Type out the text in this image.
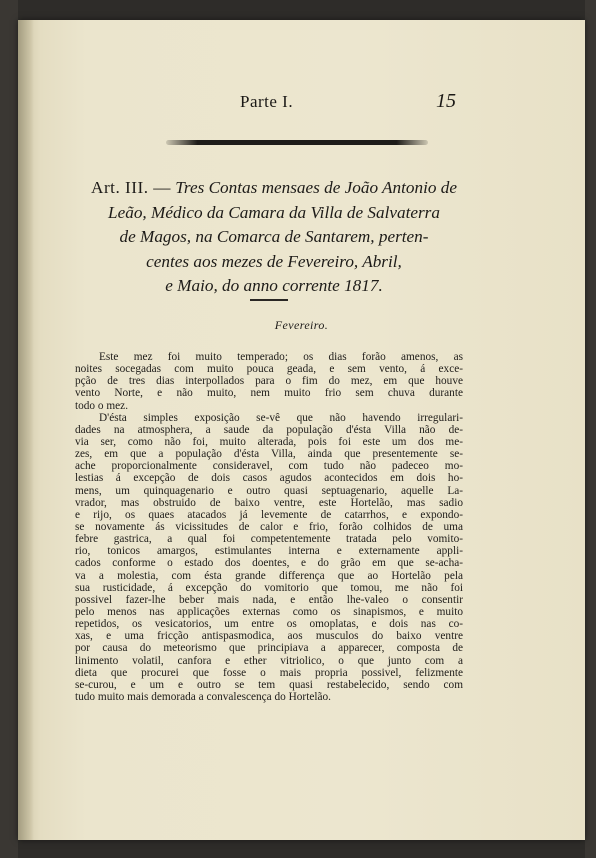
Parte I.	15
Art. III. — Tres Contas mensaes de João Antonio de
Leão, Médico da Camara da Villa de Salvaterra
de Magos, na Comarca de Santarem, perten-
centes aos mezes de Fevereiro, Abril,
e Maio, do anno corrente 1817.
Fevereiro.
Este mez foi muito temperado; os dias forão amenos, as
noites socegadas com muito pouca geada, e sem vento, á exce-
pção de tres dias interpollados para o fim do mez, em que houve
vento Norte, e não muito, nem muito frio sem chuva durante
todo o mez.
D'ésta simples exposição se-vê que não havendo irregulari-
dades na atmosphera, a saude da população d'ésta Villa não de-
via ser, como não foi, muito alterada, pois foi este um dos me-
zes, em que a população d'ésta Villa, ainda que presentemente se-
ache proporcionalmente consideravel, com tudo não padeceo mo-
lestias á excepção de dois casos agudos acontecidos em dois ho-
mens, um quinquagenario e outro quasi septuagenario, aquelle La-
vrador, mas obstruido de baixo ventre, este Hortelão, mas sadio
e rijo, os quaes atacados já levemente de catarrhos, e expondo-
se novamente ás vicissitudes de calor e frio, forão colhidos de uma
febre gastrica, a qual foi competentemente tratada pelo vomito-
rio, tonicos amargos, estimulantes interna e externamente appli-
cados conforme o estado dos doentes, e do grão em que se-acha-
va a molestia, com ésta grande differença que ao Hortelão pela
sua rusticidade, á excepção do vomitorio que tomou, me não foi
possivel fazer-lhe beber mais nada, e então lhe-valeo o consentir
pelo menos nas applicações externas como os sinapismos, e muito
repetidos, os vesicatorios, um entre os omoplatas, e dois nas co-
xas, e uma fricção antispasmodica, aos musculos do baixo ventre
por causa do meteorismo que principiava a apparecer, composta de
linimento volatil, canfora e ether vitriolico, o que junto com a
dieta que procurei que fosse o mais propria possivel, felizmente
se-curou, e um e outro se tem quasi restabelecido, sendo com
tudo muito mais demorada a convalescença do Hortelão.
